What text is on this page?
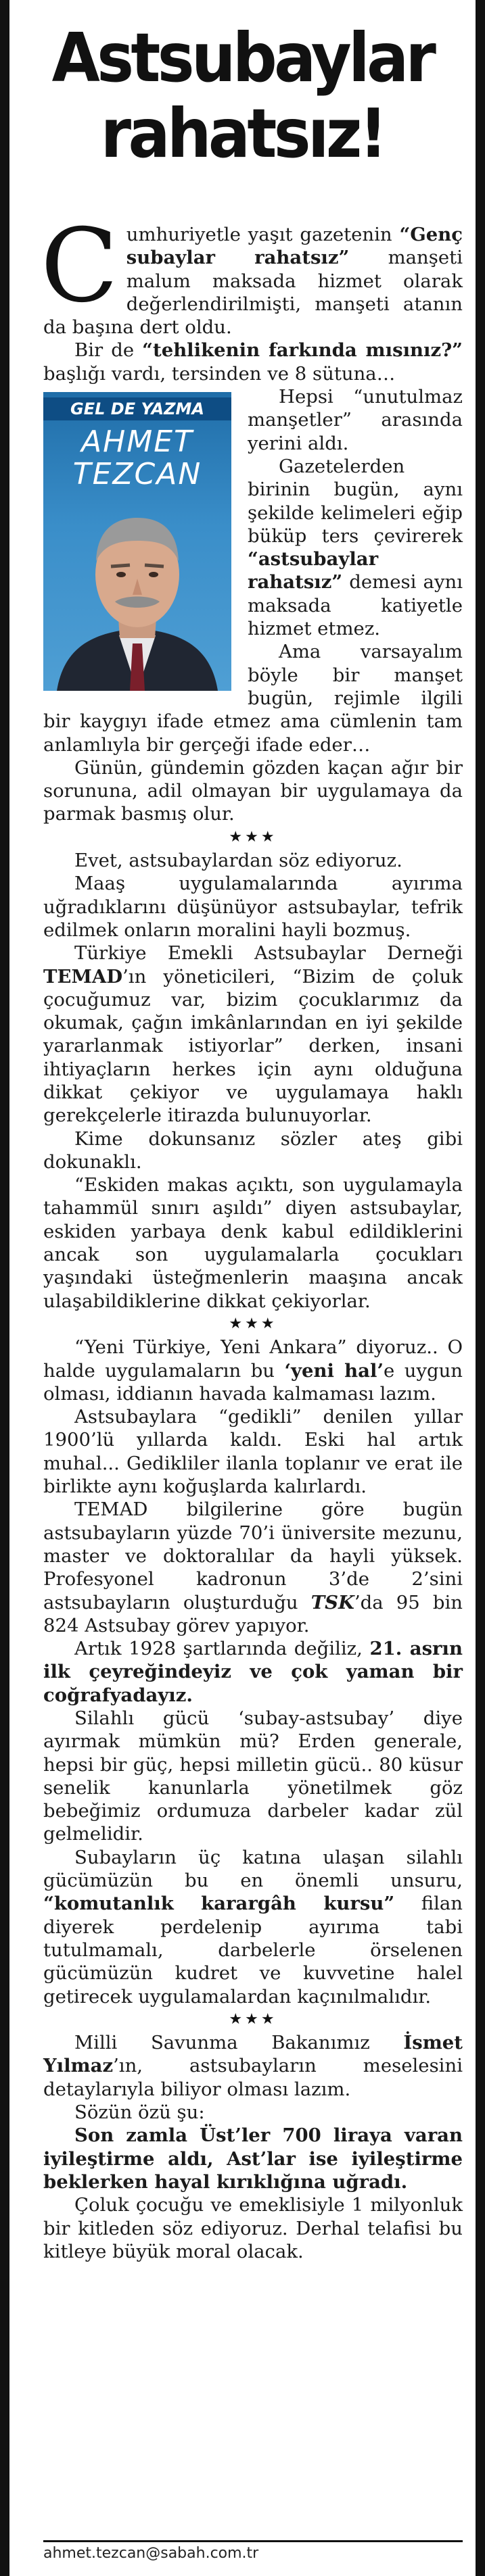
Astsubaylar
rahatsız!

Cumhuriyetle yaşıt gazetenin “Genç subaylar rahatsız” manşeti malum maksada hizmet olarak değerlendirilmişti, manşeti atanın da başına dert oldu.

Bir de “tehlikenin farkında mısınız?” başlığı vardı, tersinden ve 8 sütuna…

GEL DE YAZMA
AHMET
TEZCAN

Hepsi “unutulmaz manşetler” arasında yerini aldı.

Gazetelerden birinin bugün, aynı şekilde kelimeleri eğip büküp ters çevirerek “astsubaylar rahatsız” demesi aynı maksada katiyetle hizmet etmez.

Ama varsayalım böyle bir manşet bugün, rejimle ilgili bir kaygıyı ifade etmez ama cümlenin tam anlamlıyla bir gerçeği ifade eder…

Günün, gündemin gözden kaçan ağır bir sorununa, adil olmayan bir uygulamaya da parmak basmış olur.

★★★

Evet, astsubaylardan söz ediyoruz.

Maaş uygulamalarında ayırıma uğradıklarını düşünüyor astsubaylar, tefrik edilmek onların moralini hayli bozmuş.

Türkiye Emekli Astsubaylar Derneği TEMAD’ın yöneticileri, “Bizim de çoluk çocuğumuz var, bizim çocuklarımız da okumak, çağın imkânlarından en iyi şekilde yararlanmak istiyorlar” derken, insani ihtiyaçların herkes için aynı olduğuna dikkat çekiyor ve uygulamaya haklı gerekçelerle itirazda bulunuyorlar.

Kime dokunsanız sözler ateş gibi dokunaklı.

“Eskiden makas açıktı, son uygulamayla tahammül sınırı aşıldı” diyen astsubaylar, eskiden yarbaya denk kabul edildiklerini ancak son uygulamalarla çocukları yaşındaki üsteğmenlerin maaşına ancak ulaşabildiklerine dikkat çekiyorlar.

★★★

“Yeni Türkiye, Yeni Ankara” diyoruz.. O halde uygulamaların bu ‘yeni hal’e uygun olması, iddianın havada kalmaması lazım.

Astsubaylara “gedikli” denilen yıllar 1900’lü yıllarda kaldı. Eski hal artık muhal... Gedikliler ilanla toplanır ve erat ile birlikte aynı koğuşlarda kalırlardı.

TEMAD bilgilerine göre bugün astsubayların yüzde 70’i üniversite mezunu, master ve doktoralılar da hayli yüksek. Profesyonel kadronun 3’de 2’sini astsubayların oluşturduğu TSK’da 95 bin 824 Astsubay görev yapıyor.

Artık 1928 şartlarında değiliz, 21. asrın ilk çeyreğindeyiz ve çok yaman bir coğrafyadayız.

Silahlı gücü ‘subay-astsubay’ diye ayırmak mümkün mü? Erden generale, hepsi bir güç, hepsi milletin gücü.. 80 küsur senelik kanunlarla yönetilmek göz bebeğimiz ordumuza darbeler kadar zül gelmelidir.

Subayların üç katına ulaşan silahlı gücümüzün bu en önemli unsuru, “komutanlık karargâh kursu” filan diyerek perdelenip ayırıma tabi tutulmamalı, darbelerle örselenen gücümüzün kudret ve kuvvetine halel getirecek uygulamalardan kaçınılmalıdır.

★★★

Milli Savunma Bakanımız İsmet Yılmaz’ın, astsubayların meselesini detaylarıyla biliyor olması lazım.

Sözün özü şu:

Son zamla Üst’ler 700 liraya varan iyileştirme aldı, Ast’lar ise iyileştirme beklerken hayal kırıklığına uğradı.

Çoluk çocuğu ve emeklisiyle 1 milyonluk bir kitleden söz ediyoruz. Derhal telafisi bu kitleye büyük moral olacak.

ahmet.tezcan@sabah.com.tr
